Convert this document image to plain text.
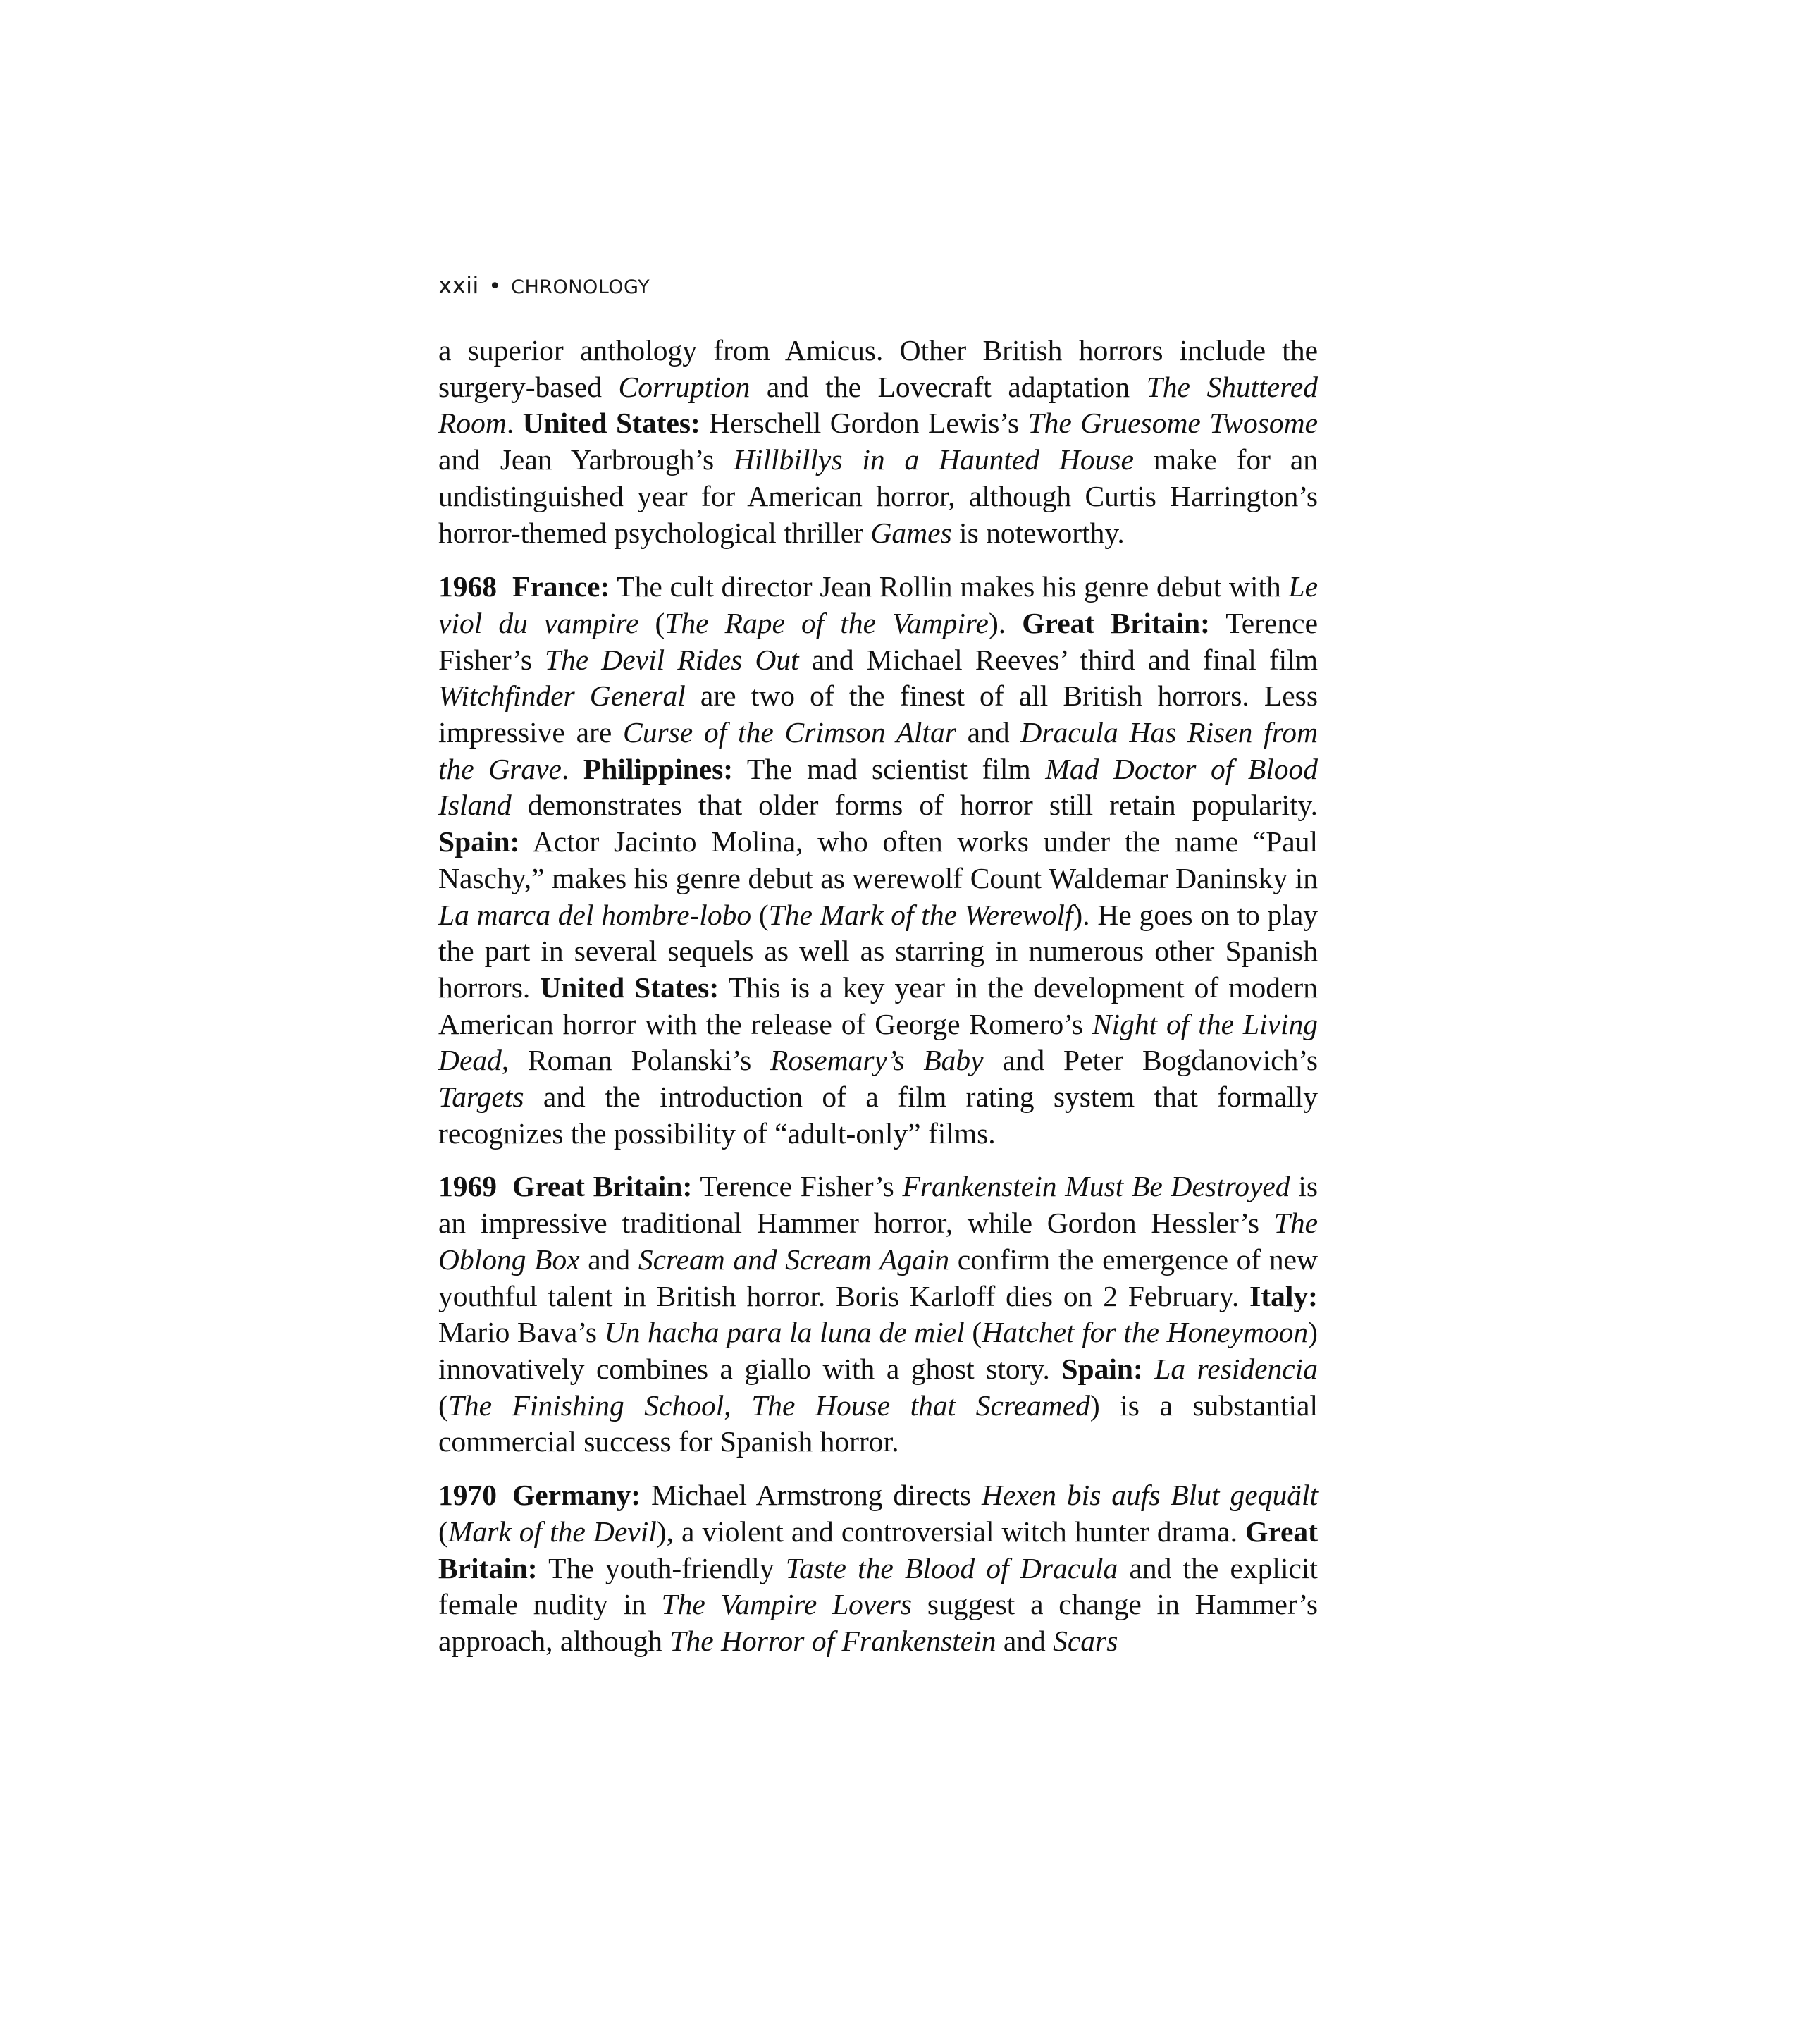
xxii • CHRONOLOGY

a superior anthology from Amicus. Other British horrors include the surgery-based Corruption and the Lovecraft adaptation The Shuttered Room. United States: Herschell Gordon Lewis’s The Gruesome Twosome and Jean Yarbrough’s Hillbillys in a Haunted House make for an undistinguished year for American horror, although Curtis Harrington’s horror-themed psychological thriller Games is noteworthy.

1968 France: The cult director Jean Rollin makes his genre debut with Le viol du vampire (The Rape of the Vampire). Great Britain: Terence Fisher’s The Devil Rides Out and Michael Reeves’ third and final film Witchfinder General are two of the finest of all British horrors. Less impressive are Curse of the Crimson Altar and Dracula Has Risen from the Grave. Philippines: The mad scientist film Mad Doctor of Blood Island demonstrates that older forms of horror still retain popularity. Spain: Actor Jacinto Molina, who often works under the name “Paul Naschy,” makes his genre debut as werewolf Count Waldemar Daninsky in La marca del hombre-lobo (The Mark of the Werewolf). He goes on to play the part in several sequels as well as starring in numerous other Spanish horrors. United States: This is a key year in the development of modern American horror with the release of George Romero’s Night of the Living Dead, Roman Polanski’s Rosemary’s Baby and Peter Bogdanovich’s Targets and the introduction of a film rating system that formally recognizes the possibility of “adult-only” films.

1969 Great Britain: Terence Fisher’s Frankenstein Must Be Destroyed is an impressive traditional Hammer horror, while Gordon Hessler’s The Oblong Box and Scream and Scream Again confirm the emergence of new youthful talent in British horror. Boris Karloff dies on 2 February. Italy: Mario Bava’s Un hacha para la luna de miel (Hatchet for the Honeymoon) innovatively combines a giallo with a ghost story. Spain: La residencia (The Finishing School, The House that Screamed) is a substantial commercial success for Spanish horror.

1970 Germany: Michael Armstrong directs Hexen bis aufs Blut gequält (Mark of the Devil), a violent and controversial witch hunter drama. Great Britain: The youth-friendly Taste the Blood of Dracula and the explicit female nudity in The Vampire Lovers suggest a change in Hammer’s approach, although The Horror of Frankenstein and Scars
